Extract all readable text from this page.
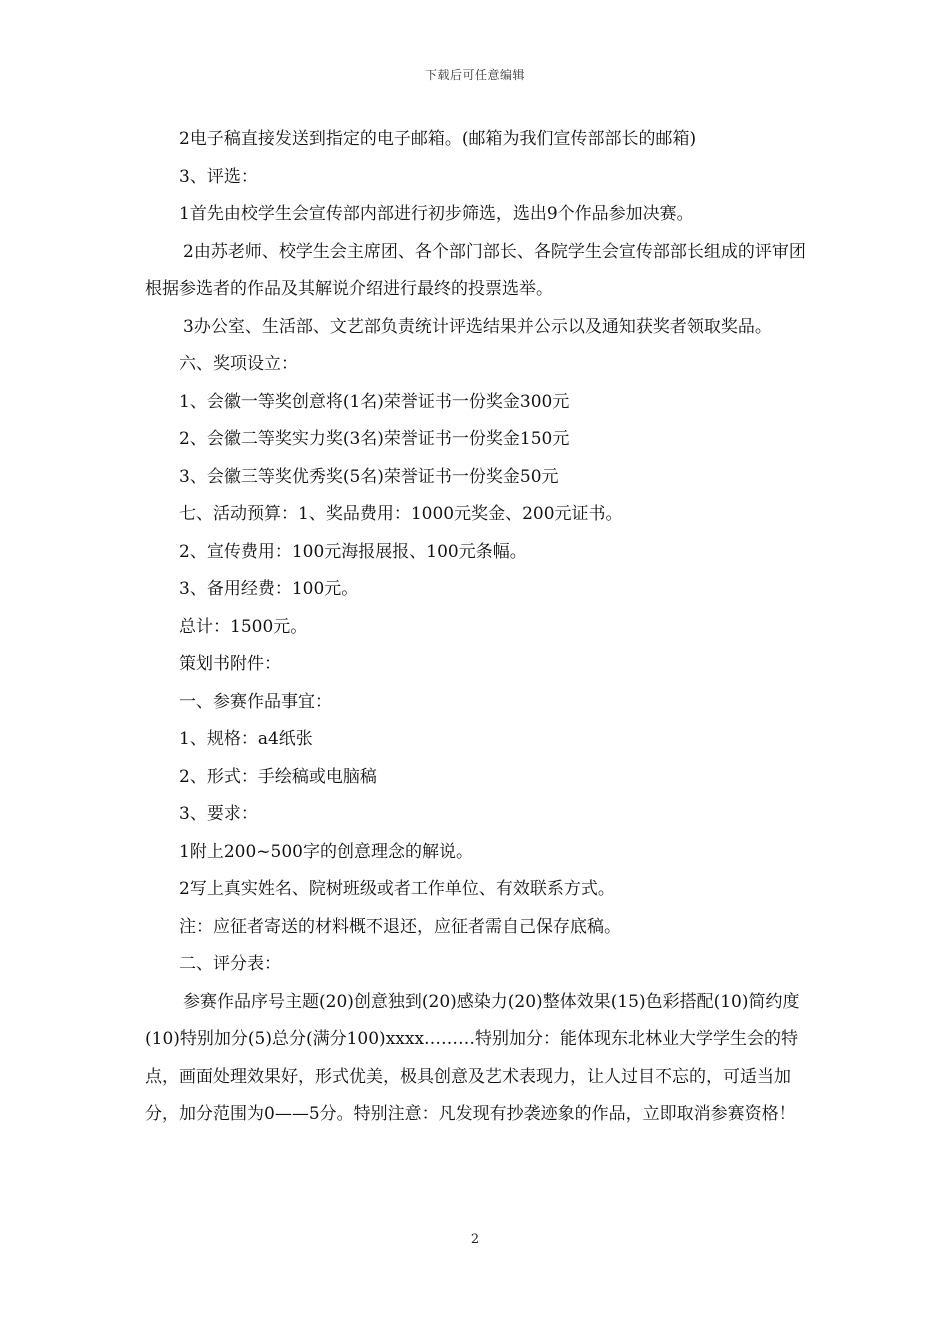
下载后可任意编辑

2电子稿直接发送到指定的电子邮箱。(邮箱为我们宣传部部长的邮箱)

3、评选：

1首先由校学生会宣传部内部进行初步筛选，选出9个作品参加决赛。

2由苏老师、校学生会主席团、各个部门部长、各院学生会宣传部部长组成的评审团根据参选者的作品及其解说介绍进行最终的投票选举。

3办公室、生活部、文艺部负责统计评选结果并公示以及通知获奖者领取奖品。

六、奖项设立：

1、会徽一等奖创意将(1名)荣誉证书一份奖金300元

2、会徽二等奖实力奖(3名)荣誉证书一份奖金150元

3、会徽三等奖优秀奖(5名)荣誉证书一份奖金50元

七、活动预算：1、奖品费用：1000元奖金、200元证书。

2、宣传费用：100元海报展报、100元条幅。

3、备用经费：100元。

总计：1500元。

策划书附件：

一、参赛作品事宜：

1、规格：a4纸张

2、形式：手绘稿或电脑稿

3、要求：

1附上200~500字的创意理念的解说。

2写上真实姓名、院树班级或者工作单位、有效联系方式。

注：应征者寄送的材料概不退还，应征者需自己保存底稿。

二、评分表：

参赛作品序号主题(20)创意独到(20)感染力(20)整体效果(15)色彩搭配(10)简约度(10)特别加分(5)总分(满分100)xxxx………特别加分：能体现东北林业大学学生会的特点，画面处理效果好，形式优美，极具创意及艺术表现力，让人过目不忘的，可适当加分，加分范围为0——5分。特别注意：凡发现有抄袭迹象的作品，立即取消参赛资格！

2
